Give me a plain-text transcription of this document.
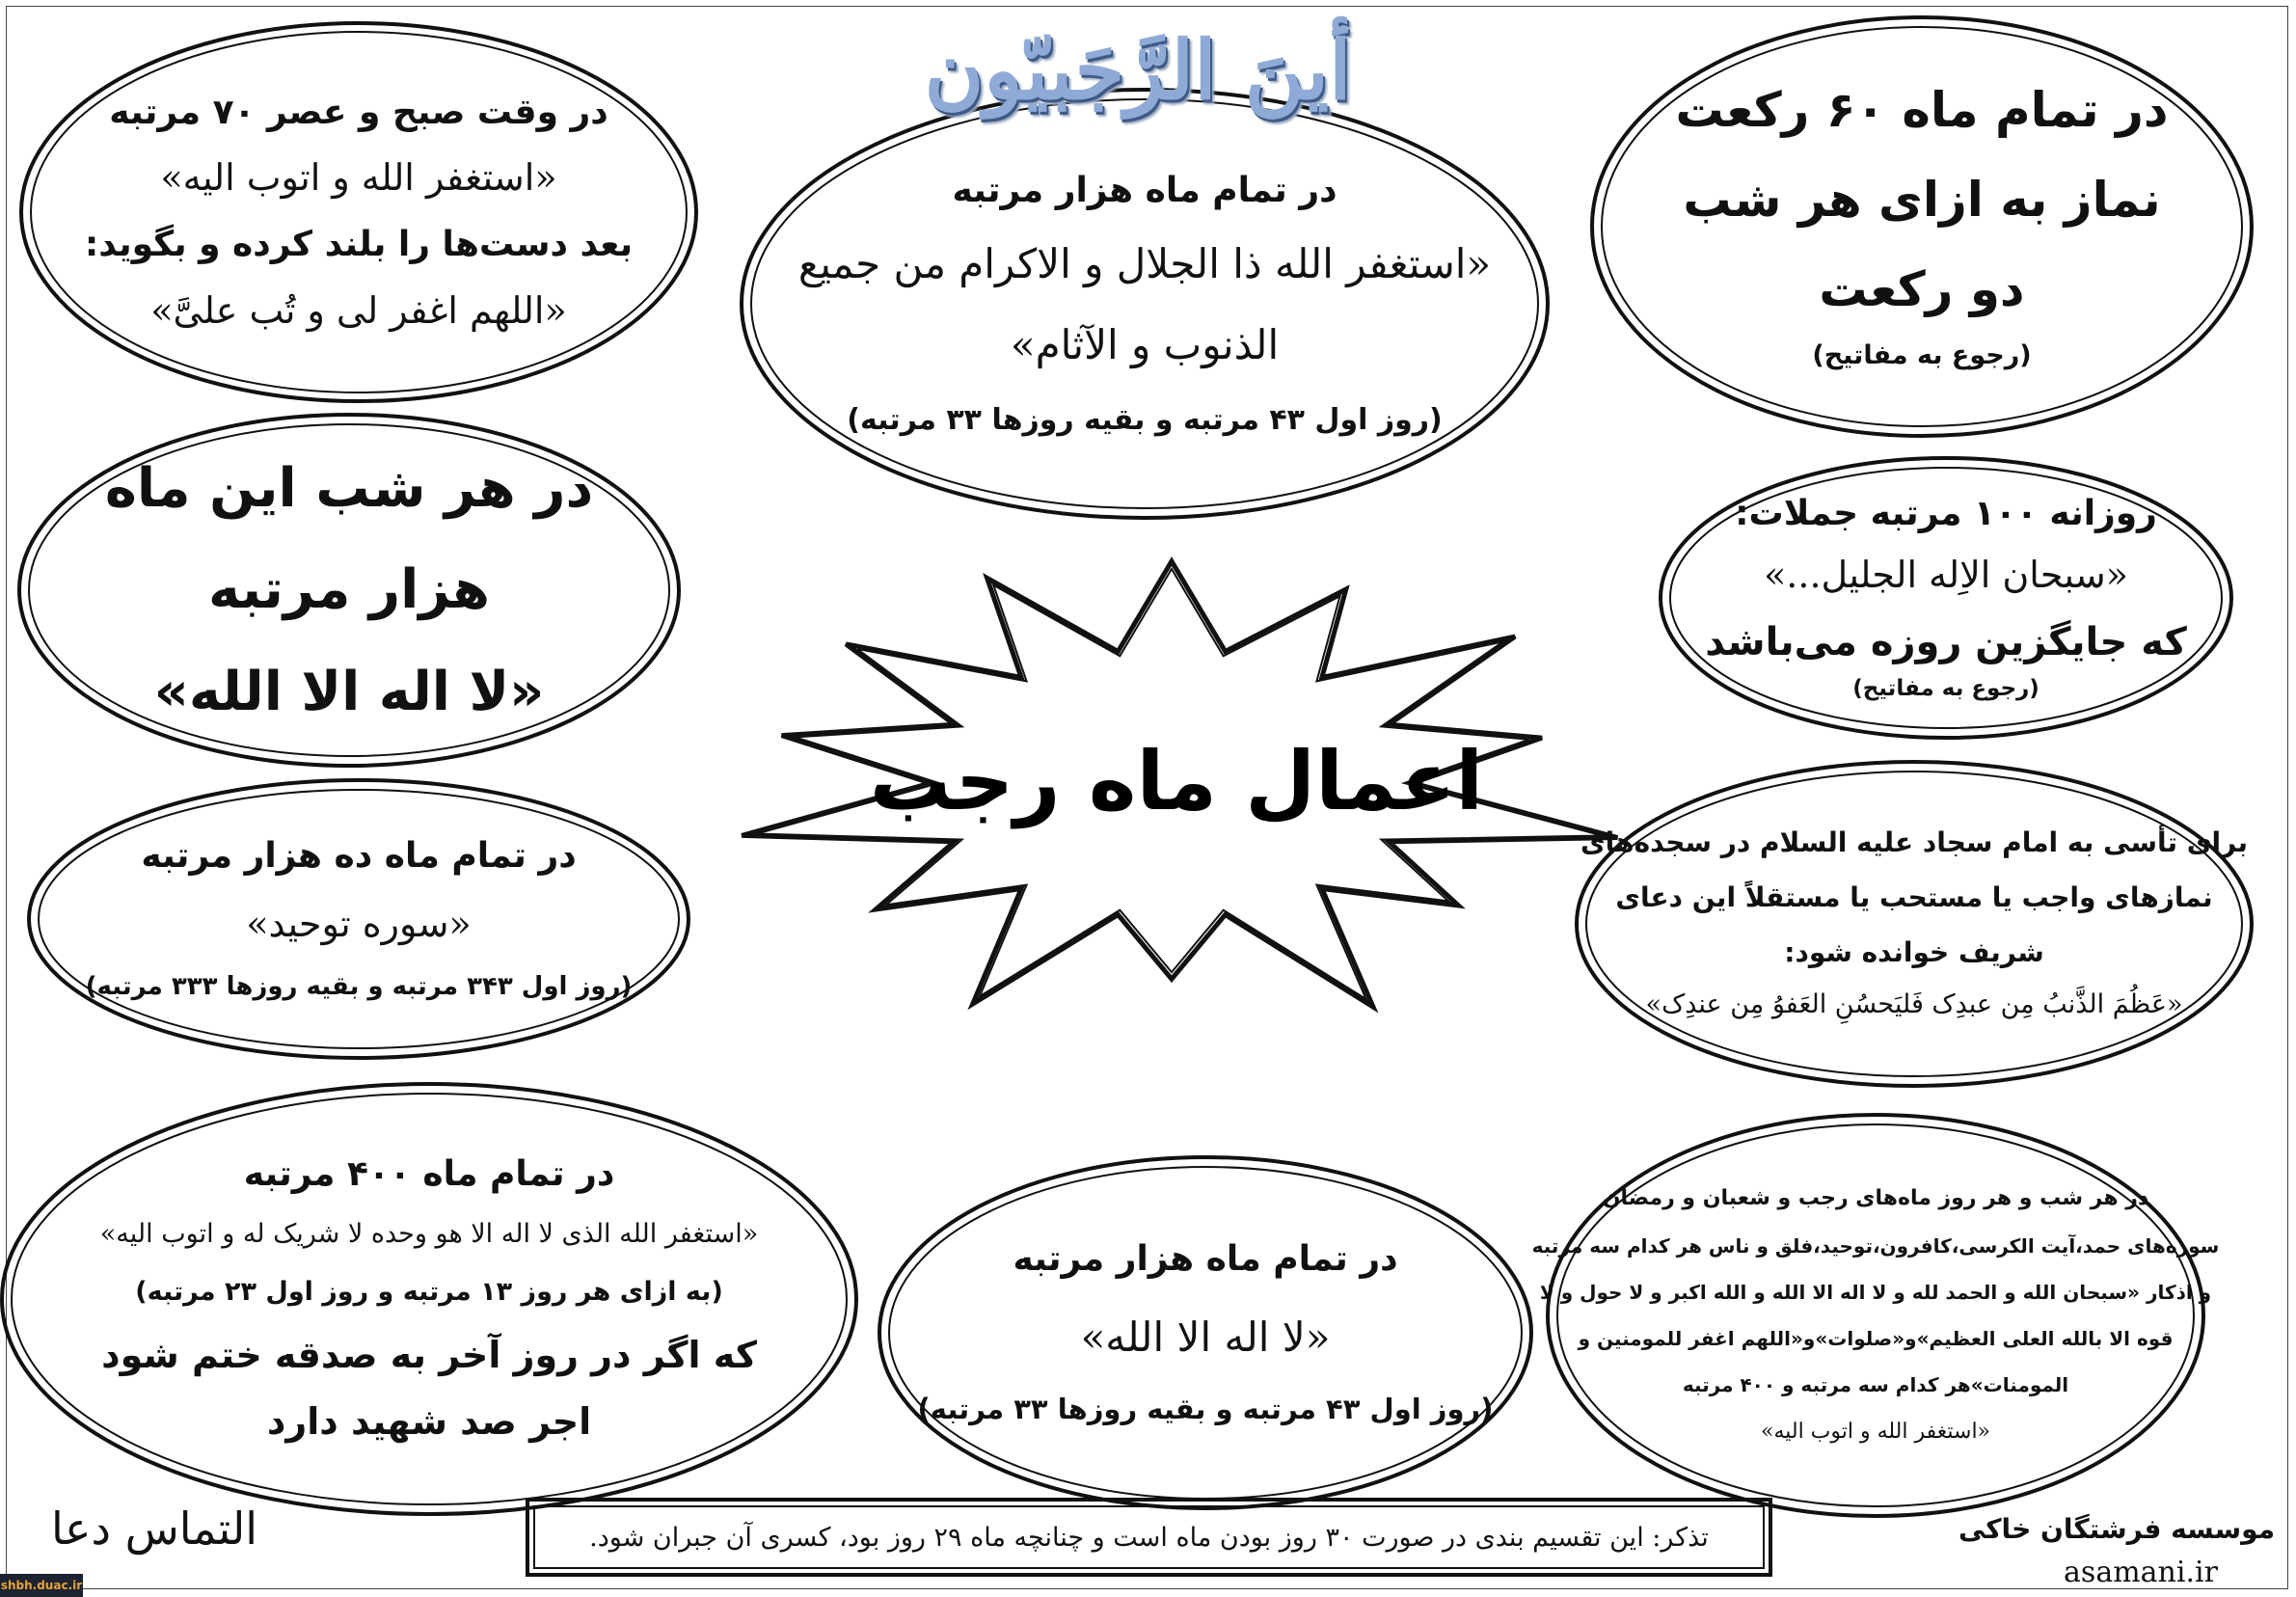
أينَ الرَّجَبيّون

در وقت صبح و عصر ۷۰ مرتبه

«استغفر الله و اتوب الیه»

بعد دست‌ها را بلند کرده و بگوید:

«اللهم اغفر لی و تُب علیَّ»

در تمام ماه هزار مرتبه

«استغفر الله ذا الجلال و الاکرام من جمیع

الذنوب و الآثام»

(روز اول ۴۳ مرتبه و بقیه روزها ۳۳ مرتبه)

در تمام ماه ۶۰ رکعت

نماز به ازای هر شب

دو رکعت

(رجوع به مفاتیح)

در هر شب این ماه

هزار مرتبه

«لا اله الا الله»

روزانه ۱۰۰ مرتبه جملات:

«سبحان الاِله الجلیل...»

که جایگزین روزه می‌باشد

(رجوع به مفاتیح)

در تمام ماه ده هزار مرتبه

«سوره توحید»

(روز اول ۳۴۳ مرتبه و بقیه روزها ۳۳۳ مرتبه)

برای تأسی به امام سجاد علیه السلام در سجده‌های

نمازهای واجب یا مستحب یا مستقلاً این دعای

شریف خوانده شود:

«عَظُمَ الذَّنبُ مِن عبدِک فَلیَحسُنِ العَفوُ مِن عندِک»

در تمام ماه ۴۰۰ مرتبه

«استغفر الله الذی لا اله الا هو وحده لا شریک له و اتوب الیه»

(به ازای هر روز ۱۳ مرتبه و روز اول ۲۳ مرتبه)

که اگر در روز آخر به صدقه ختم شود

اجر صد شهید دارد

در تمام ماه هزار مرتبه

«لا اله الا الله»

(روز اول ۴۳ مرتبه و بقیه روزها ۳۳ مرتبه)

در هر شب و هر روز ماه‌های رجب و شعبان و رمضان

سوره‌های حمد،آیت الکرسی،کافرون،توحید،فلق و ناس هر کدام سه مرتبه

و اذکار «سبحان الله و الحمد لله و لا اله الا الله و الله اکبر و لا حول و لا

قوه الا بالله العلی العظیم»و«صلوات»و«اللهم اغفر للمومنین و

المومنات»هر کدام سه مرتبه و ۴۰۰ مرتبه

«استغفر الله و اتوب الیه»

اعمال ماه رجب
تذکر: این تقسیم بندی در صورت ۳۰ روز بودن ماه است و چنانچه ماه ۲۹ روز بود، کسری آن جبران شود.
التماس دعا	موسسه فرشتگان خاکی
asamani.ir
shbh.duac.ir
